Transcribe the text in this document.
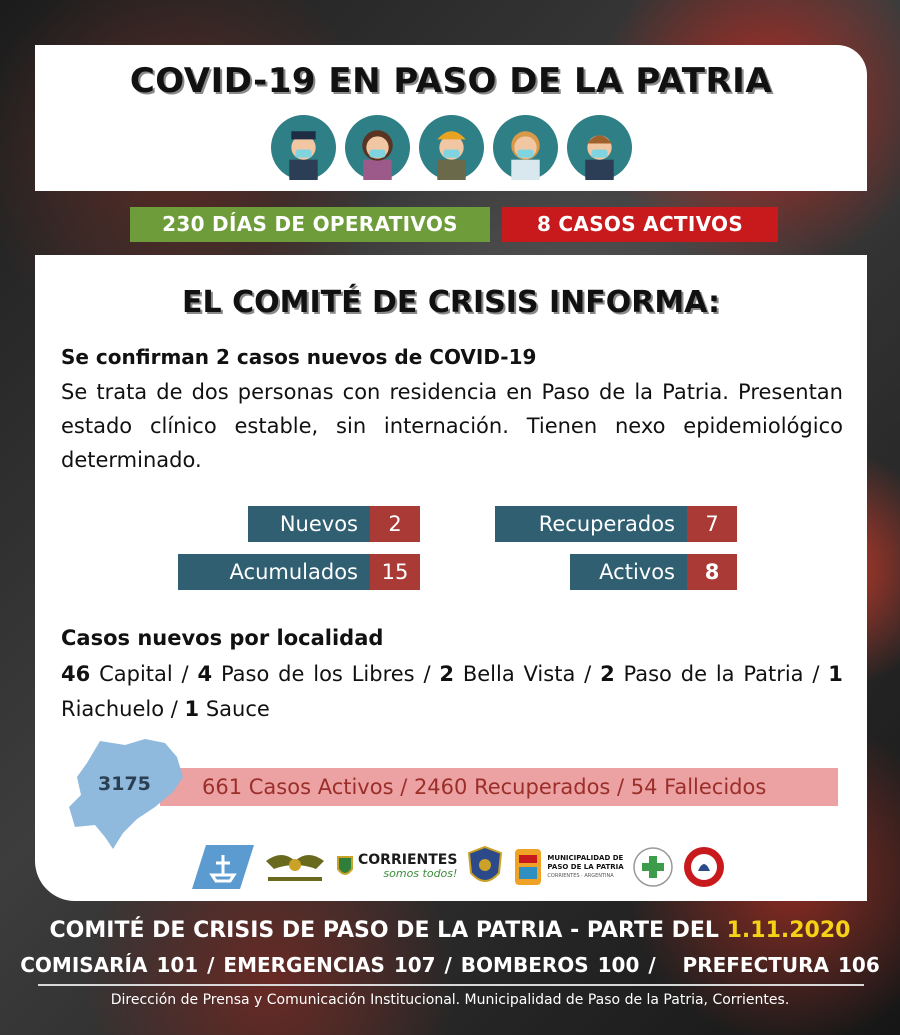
COVID-19 EN PASO DE LA PATRIA
230 DÍAS DE OPERATIVOS	8 CASOS ACTIVOS
EL COMITÉ DE CRISIS INFORMA:
Se confirman 2 casos nuevos de COVID-19
Se trata de dos personas con residencia en Paso de la Patria. Presentan estado clínico estable, sin internación. Tienen nexo epidemiológico determinado.
Nuevos	2
Acumulados	15
Recuperados	7
Activos	8
Casos nuevos por localidad
46 Capital / 4 Paso de los Libres / 2 Bella Vista / 2 Paso de la Patria / 1 Riachuelo / 1 Sauce
661 Casos Activos / 2460 Recuperados / 54 Fallecidos
3175
CORRIENTES
somos todos!
MUNICIPALIDAD DE
PASO DE LA PATRIA
CORRIENTES · ARGENTINA
COMITÉ DE CRISIS DE PASO DE LA PATRIA - PARTE DEL 1.11.2020
COMISARÍA 101 / EMERGENCIAS 107 / BOMBEROS 100 /   PREFECTURA 106
Dirección de Prensa y Comunicación Institucional. Municipalidad de Paso de la Patria, Corrientes.
